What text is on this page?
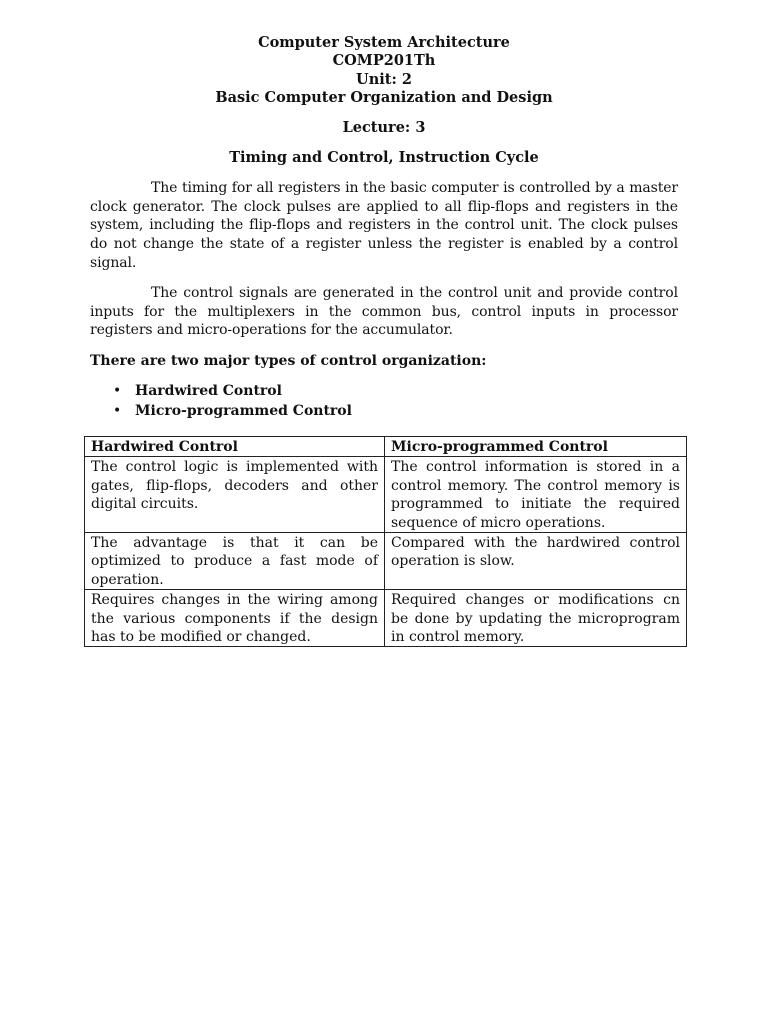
Computer System Architecture

COMP201Th

Unit: 2

Basic Computer Organization and Design

Lecture: 3

Timing and Control, Instruction Cycle

The timing for all registers in the basic computer is controlled by a master clock generator. The clock pulses are applied to all flip-flops and registers in the system, including the flip-flops and registers in the control unit. The clock pulses do not change the state of a register unless the register is enabled by a control signal.

The control signals are generated in the control unit and provide control inputs for the multiplexers in the common bus, control inputs in processor registers and micro-operations for the accumulator.

There are two major types of control organization:

• Hardwired Control
• Micro-programmed Control
Hardwired Control	Micro-programmed Control
The control logic is implemented with gates, flip-flops, decoders and other digital circuits.	The control information is stored in a control memory. The control memory is programmed to initiate the required sequence of micro operations.
The advantage is that it can be optimized to produce a fast mode of operation.	Compared with the hardwired control operation is slow.
Requires changes in the wiring among the various components if the design has to be modified or changed.	Required changes or modifications cn be done by updating the microprogram in control memory.
